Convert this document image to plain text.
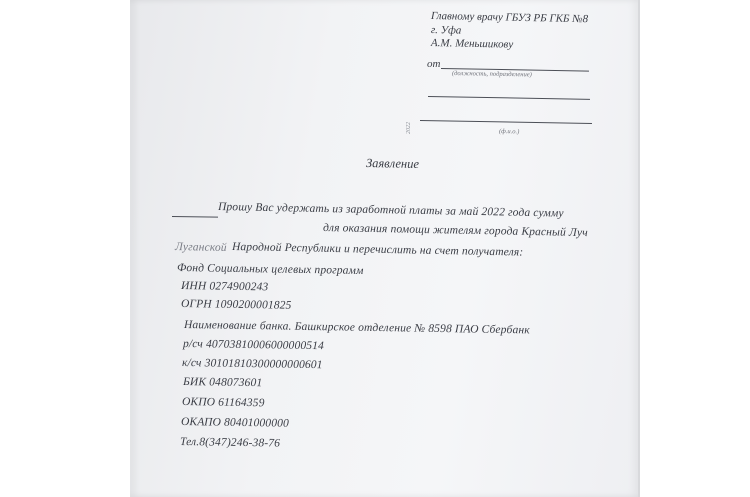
Главному врачу ГБУЗ РБ ГКБ №8
г. Уфа
А.М. Меньшикову
от
(должность, подразделение)
(ф.и.о.)
2022
Заявление
Прошу Вас удержать из заработной платы за май 2022 года сумму
для оказания помощи жителям города Красный Луч
Луганской Народной Республики и перечислить на счет получателя:
Фонд Социальных целевых программ
ИНН 0274900243
ОГРН 1090200001825
Наименование банка. Башкирское отделение № 8598 ПАО Сбербанк
р/сч 40703810006000000514
к/сч 30101810300000000601
БИК 048073601
ОКПО 61164359
ОКАПО 80401000000
Тел.8(347)246-38-76
